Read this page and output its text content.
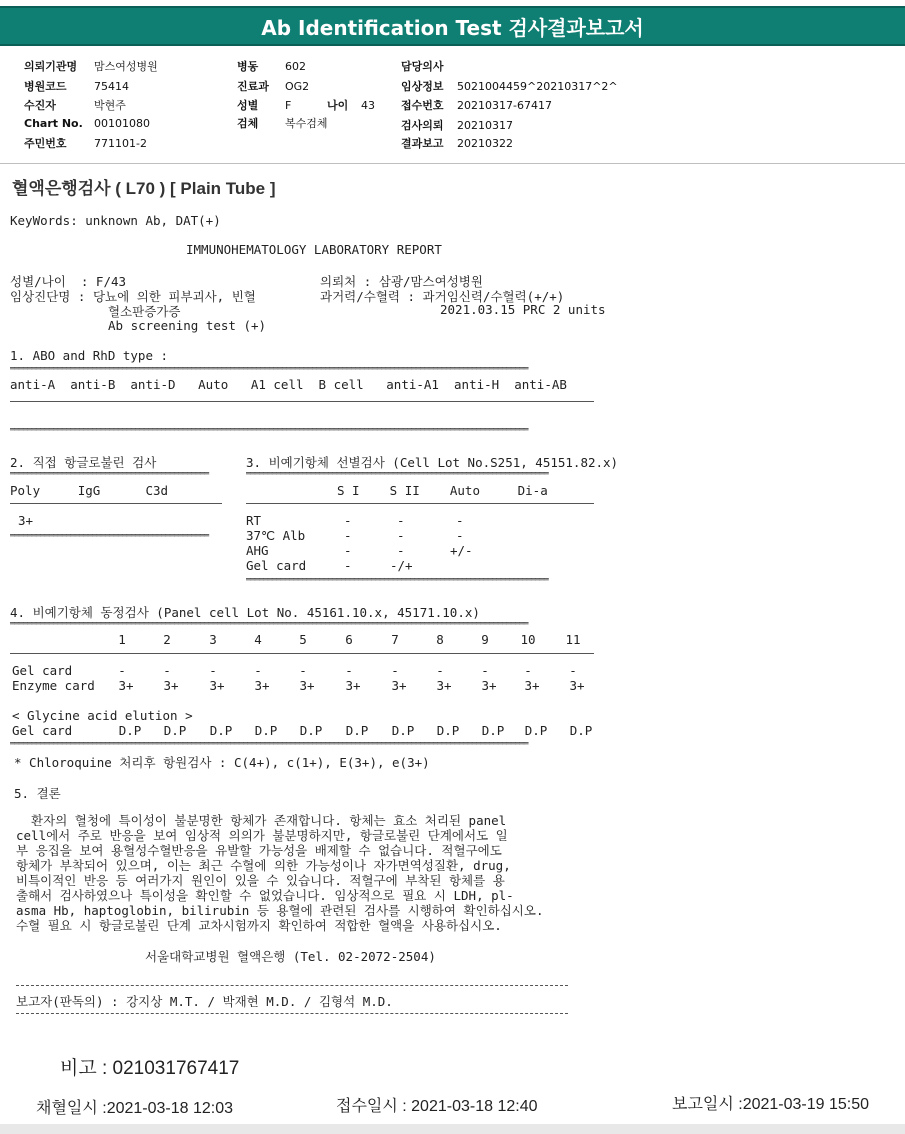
Ab Identification Test 검사결과보고서
의뢰기관명 맘스여성병원
병원코드 75414
수진자	박현주
Chart No. 00101080
주민번호 771101-2
병동 602
진료과 OG2
성별 F	나이 43
검체 복수검체
담당의사
임상정보 5021004459^20210317^2^
접수번호 20210317-67417
검사의뢰 20210317
결과보고 20210322
혈액은행검사 ( L70 ) [ Plain Tube ]
KeyWords: unknown Ab, DAT(+)
IMMUNOHEMATOLOGY LABORATORY REPORT
성별/나이  : F/43	의뢰처 : 삼광/맘스여성병원
임상진단명 : 당뇨에 의한 피부괴사, 빈혈	과거력/수혈력 : 과거임신력/수혈력(+/+)
혈소판증가증	2021.03.15 PRC 2 units
Ab screening test (+)
1. ABO and RhD type :
════════════════════════════════════════════════════════════════════════════════════════════════════════════════════════
anti-A  anti-B  anti-D   Auto   A1 cell  B cell   anti-A1  anti-H  anti-AB
════════════════════════════════════════════════════════════════════════════════════════════════════════════════════════
2. 직접 항글로불린 검사
══════════════════════════════════════════════
Poly     IgG      C3d
3+
══════════════════════════════════════════════
3. 비예기항체 선별검사 (Cell Lot No.S251, 45151.82.x)
══════════════════════════════════════════════════════════════════════
S I    S II    Auto     Di-a
RT	-	-	-
37℃ Alb	-	-	-
AHG	-	-	+/-
Gel card	-	-/+
══════════════════════════════════════════════════════════════════════
4. 비예기항체 동정검사 (Panel cell Lot No. 45161.10.x, 45171.10.x)
════════════════════════════════════════════════════════════════════════════════════════════════════════════════════════
1	2	3	4	5	6	7	8	9	10	11
Gel card	-	-	-	-	-	-	-	-	-	-	-
Enzyme card	3+	3+	3+	3+	3+	3+	3+	3+	3+	3+	3+
< Glycine acid elution >
Gel card	D.P	D.P	D.P	D.P	D.P	D.P	D.P	D.P	D.P	D.P	D.P
════════════════════════════════════════════════════════════════════════════════════════════════════════════════════════
* Chloroquine 처리후 항원검사 : C(4+), c(1+), E(3+), e(3+)
5. 결론
환자의 혈청에 특이성이 불분명한 항체가 존재합니다. 항체는 효소 처리된 panel
cell에서 주로 반응을 보여 임상적 의의가 불분명하지만, 항글로불린 단계에서도 일
부 응집을 보여 용혈성수혈반응을 유발할 가능성을 배제할 수 없습니다. 적혈구에도
항체가 부착되어 있으며, 이는 최근 수혈에 의한 가능성이나 자가면역성질환, drug,
비특이적인 반응 등 여러가지 원인이 있을 수 있습니다. 적혈구에 부착된 항체를 용
출해서 검사하였으나 특이성을 확인할 수 없었습니다. 임상적으로 필요 시 LDH, pl-
asma Hb, haptoglobin, bilirubin 등 용혈에 관련된 검사를 시행하여 확인하십시오.
수혈 필요 시 항글로불린 단계 교차시험까지 확인하여 적합한 혈액을 사용하십시오.
서울대학교병원 혈액은행 (Tel. 02-2072-2504)
보고자(판독의) : 강지상 M.T. / 박재현 M.D. / 김형석 M.D.
비고 : 021031767417
채혈일시 :2021-03-18 12:03	접수일시 : 2021-03-18 12:40	보고일시 :2021-03-19 15:50
